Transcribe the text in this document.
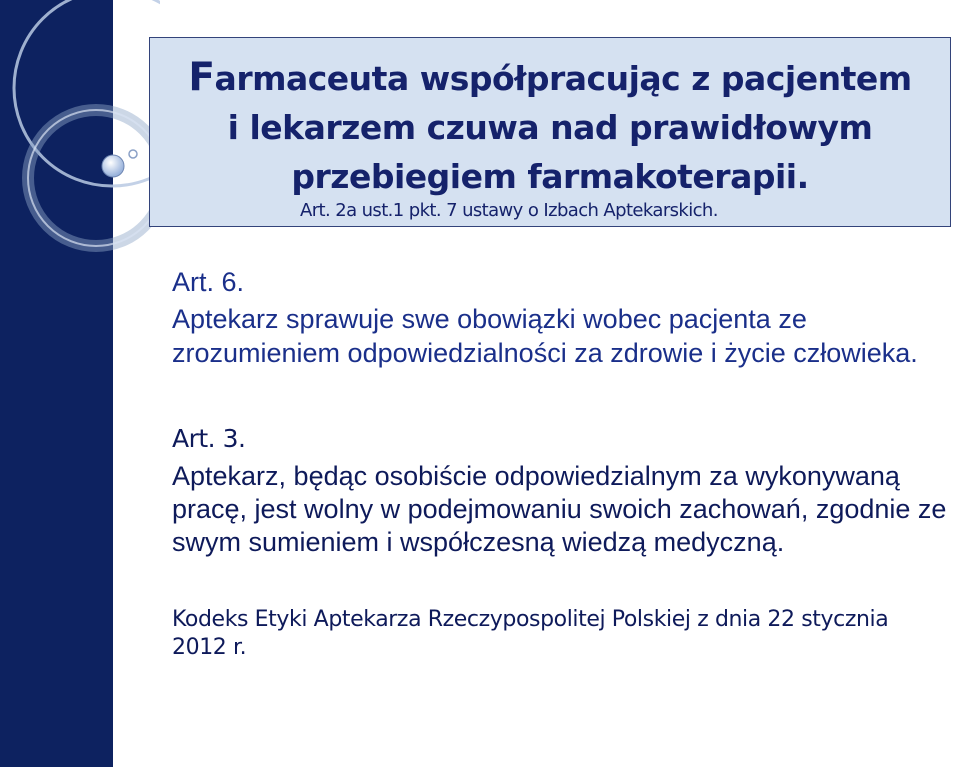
Farmaceuta współpracując z pacjentem
i lekarzem czuwa nad prawidłowym
przebiegiem farmakoterapii.
Art. 2a ust.1 pkt. 7 ustawy o Izbach Aptekarskich.
Art. 6.
Aptekarz sprawuje swe obowiązki wobec pacjenta ze zrozumieniem odpowiedzialności za zdrowie i życie człowieka.
Art. 3.
Aptekarz, będąc osobiście odpowiedzialnym za wykonywaną pracę, jest wolny w podejmowaniu swoich zachowań, zgodnie ze swym sumieniem i współczesną wiedzą medyczną.
Kodeks Etyki Aptekarza Rzeczypospolitej Polskiej z dnia 22 stycznia 2012 r.
